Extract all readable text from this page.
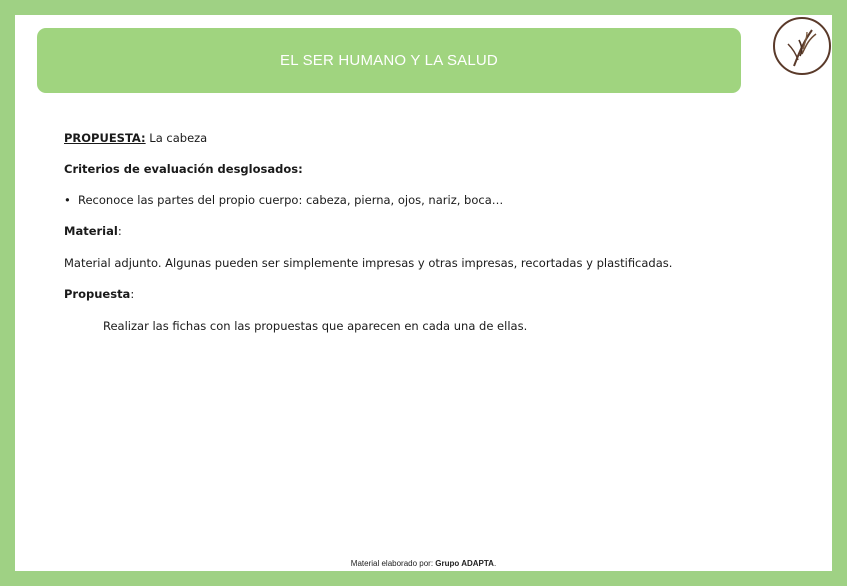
EL SER HUMANO Y LA SALUD
PROPUESTA: La cabeza
Criterios de evaluación desglosados:
• Reconoce las partes del propio cuerpo: cabeza, pierna, ojos, nariz, boca…
Material:
Material adjunto. Algunas pueden ser simplemente impresas y otras impresas, recortadas y plastificadas.
Propuesta:
Realizar las fichas con las propuestas que aparecen en cada una de ellas.
Material elaborado por: Grupo ADAPTA.
